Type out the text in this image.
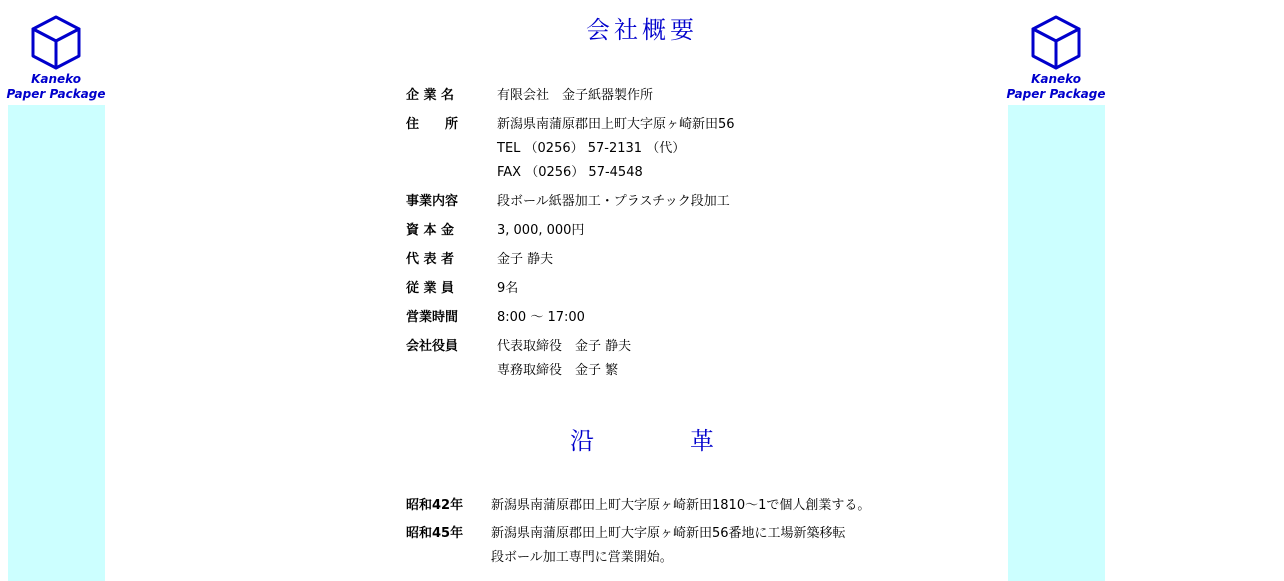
Kaneko
Paper Package
Kaneko
Paper Package
会社概要
企 業 名	有限会社　金子紙器製作所
住　　所	新潟県南蒲原郡田上町大字原ヶ崎新田56
TEL （0256） 57-2131 （代）
FAX （0256） 57-4548
事業内容	段ボール紙器加工・プラスチック段加工
資 本 金	3, 000, 000円
代 表 者	金子 静夫
従 業 員	9名
営業時間	8:00 〜 17:00
会社役員	代表取締役　金子 静夫
専務取締役　金子 繁
沿	革
昭和42年	新潟県南蒲原郡田上町大字原ヶ崎新田1810〜1で個人創業する。
昭和45年	新潟県南蒲原郡田上町大字原ヶ崎新田56番地に工場新築移転
段ボール加工専門に営業開始。
